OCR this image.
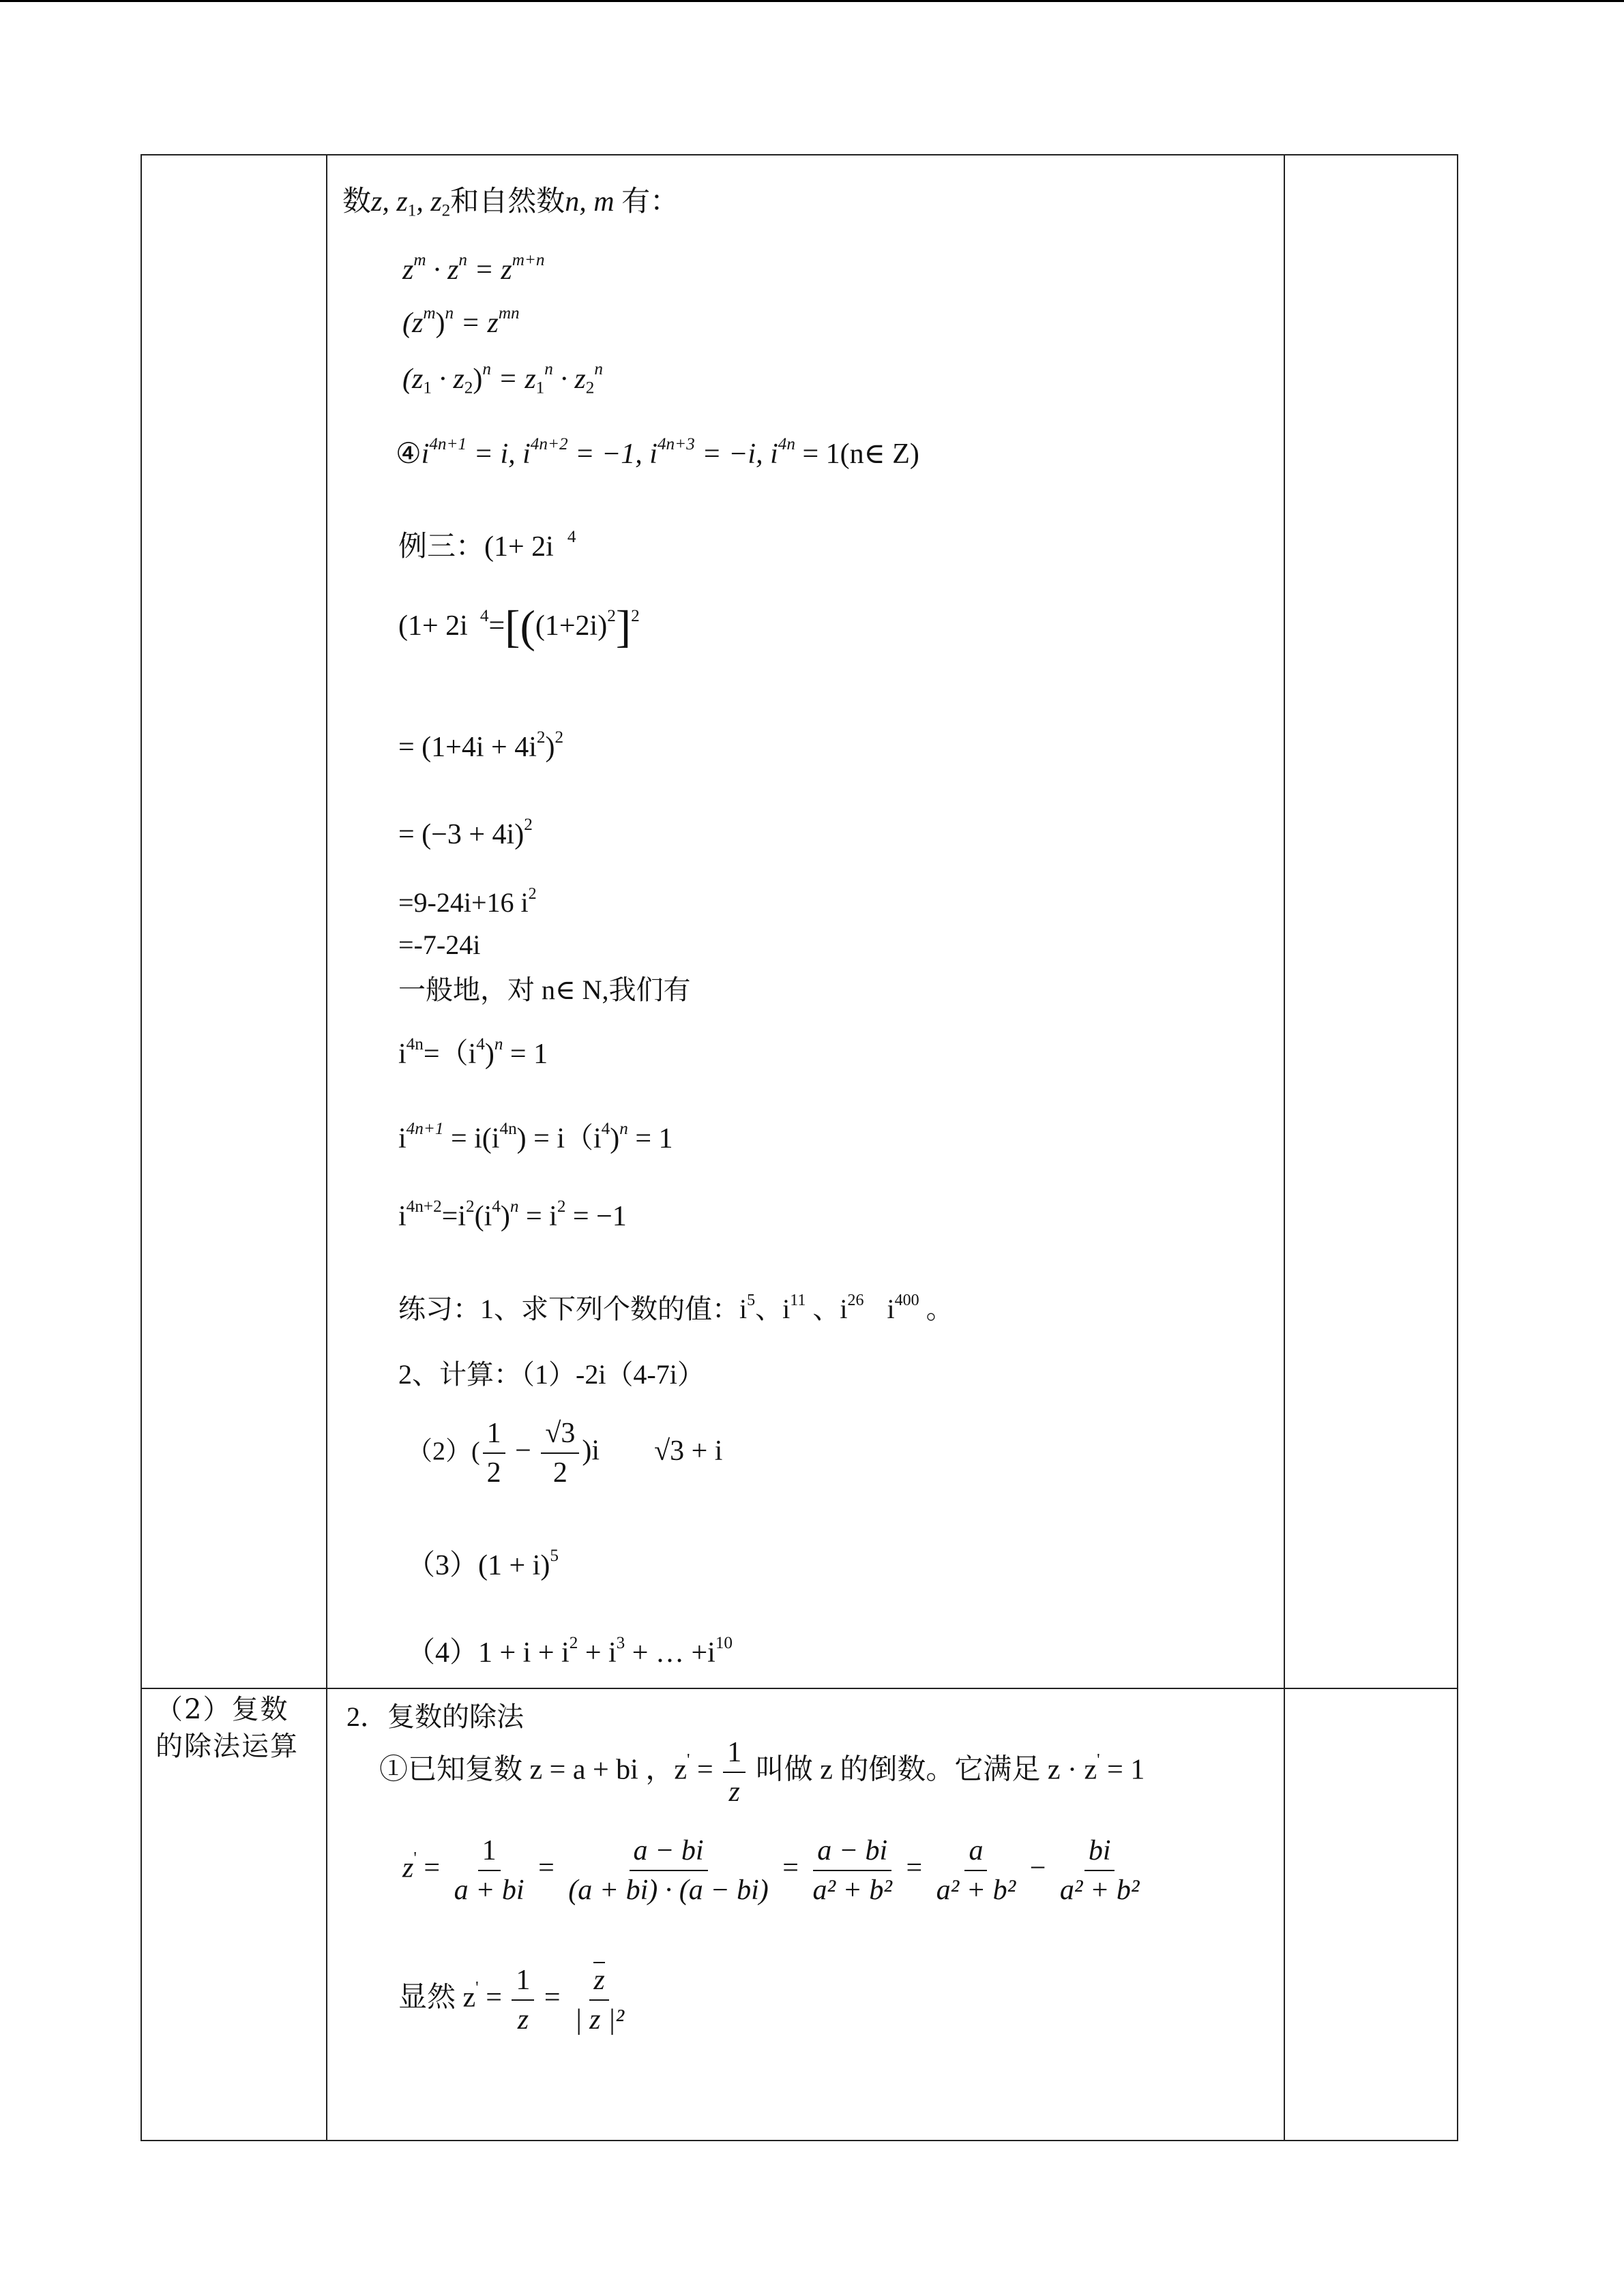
数z, $z_1$, $z_2$和自然数n, m 有：
$z^m \cdot z^n = z^{m+n}$
$(z^m)^n = z^{mn}$
$(z_1 \cdot z_2)^n = z_1^n \cdot z_2^n$
$④i^{4n+1} = i$, $i^{4n+2} = -1$, $i^{4n+3} = -i$, $i^{4n}$ = 1(n∈ Z)
例三：(1+ 2i $^4$
(1+ 2i $^4=[((1+2i)^2]^2$
= $(1+4i + 4i^2)^2$
= $(-3 + 4i)^2$
=9-24i+16 $i^2$
=-7-24i
一般地，对 n∈ N,我们有
$i^{4n}=(i^4)^n = 1$
$i^{4n+1} = i(i^{4n}) = i(i^4)^n = 1$
$i^{4n+2}=i^2(i^4)^n = i^2 = -1$
练习：1、求下列个数的值：$i^5$、$i^{11}$ 、$i^{26}$ $i^{400}$ 。
2、计算：（1）-2i（4-7i）
$(2)( \frac{1}{2} - \frac{√3}{2} )i$ √3 + i
$(3)(1 + i)^5$
$(4)1 + i + i^2 + i^3$ + … $+i^{10}$
（2）复数
的除法运算
2．复数的除法
①已知复数 z = a + bi ，$z' = \frac{1}{z}$ 叫做 z 的倒数。它满足 z · z' = 1
$z' = \frac{1}{a + bi} = \frac{a - bi}{(a + bi) \cdot (a - bi)} = \frac{a - bi}{\text{a² + b²}} = \frac{a}{\text{a² + b²}} - \frac{bi}{\text{a² + b²}}$
显然 $z' = \frac{1}{z} = \frac{z}{\text{| z |²}}$
